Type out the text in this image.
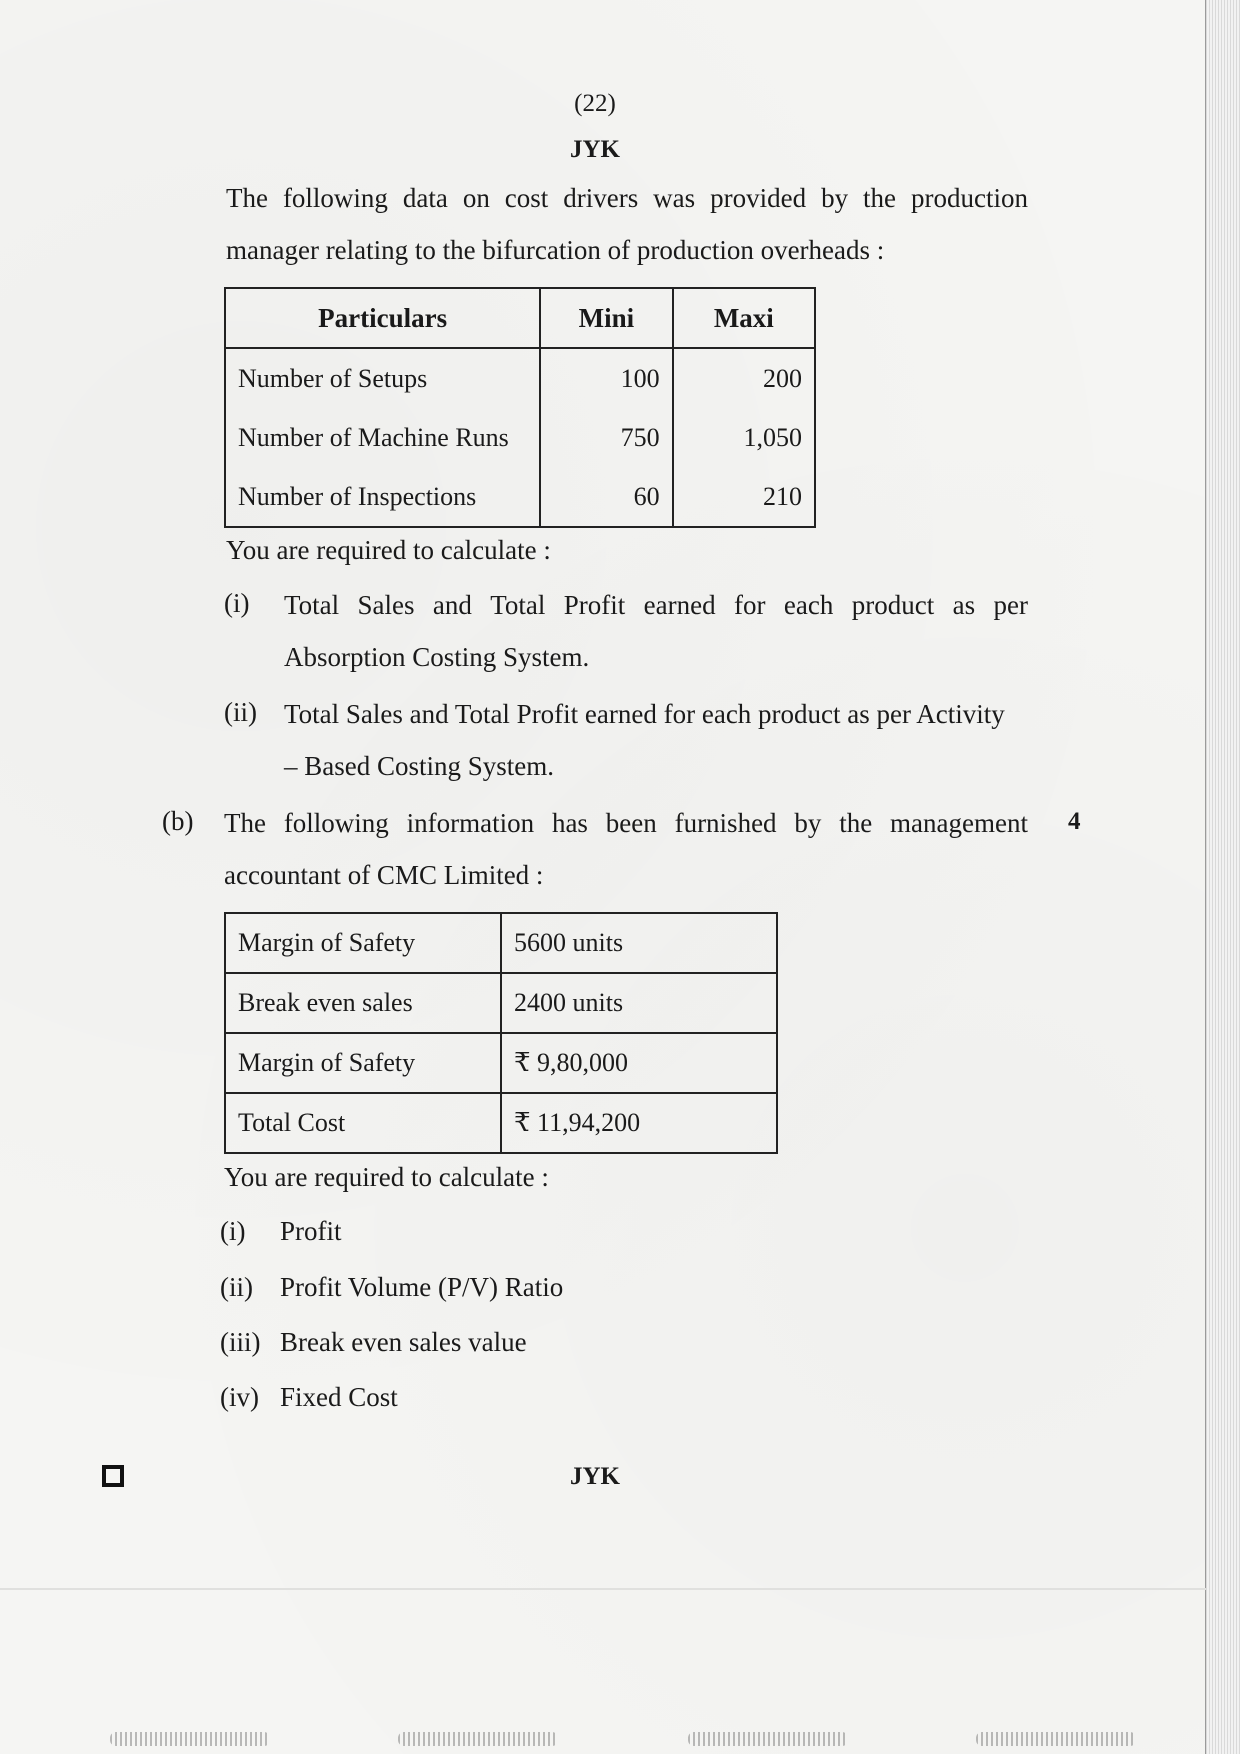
(22)
JYK
The following data on cost drivers was provided by the production
manager relating to the bifurcation of production overheads :
Particulars	Mini	Maxi
Number of Setups	100	200
Number of Machine Runs	750	1,050
Number of Inspections	60	210
You are required to calculate :
(i) Total Sales and Total Profit earned for each product as per
Absorption Costing System.
(ii) Total Sales and Total Profit earned for each product as per Activity
– Based Costing System.
(b)	4
The following information has been furnished by the management
accountant of CMC Limited :
Margin of Safety	5600 units
Break even sales	2400 units
Margin of Safety	₹ 9,80,000
Total Cost	₹ 11,94,200
You are required to calculate :
(i) Profit
(ii) Profit Volume (P/V) Ratio
(iii) Break even sales value
(iv) Fixed Cost
JYK
